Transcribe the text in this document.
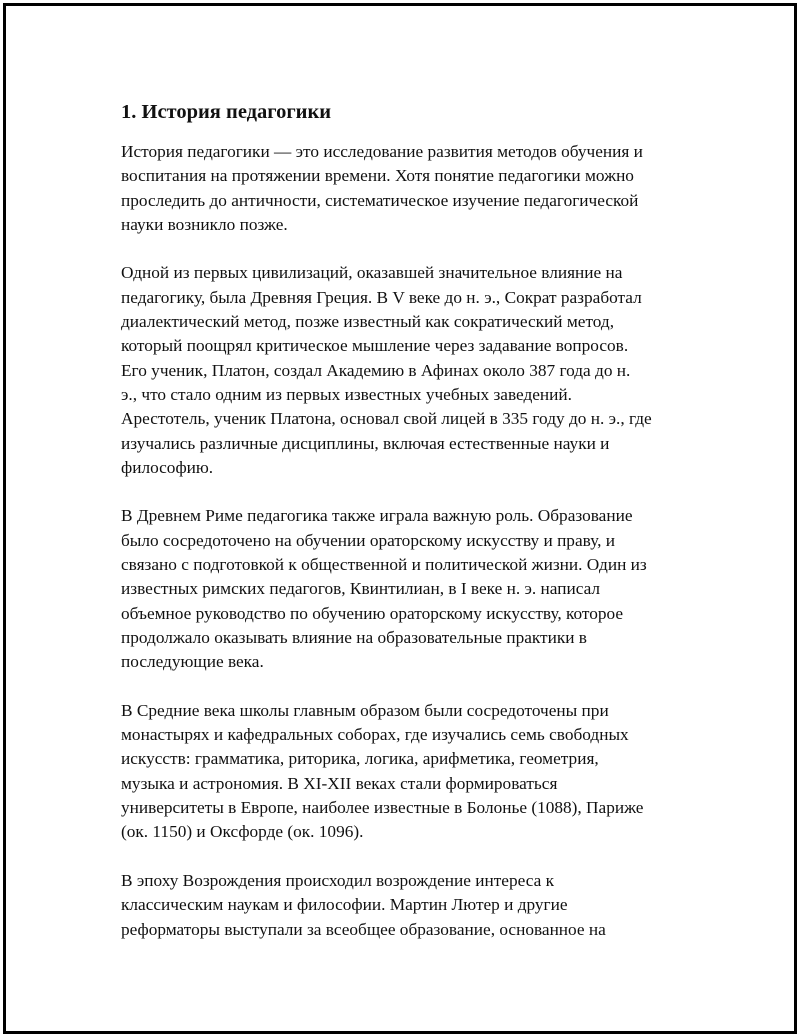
1. История педагогики

История педагогики — это исследование развития методов обучения и
воспитания на протяжении времени. Хотя понятие педагогики можно
проследить до античности, систематическое изучение педагогической
науки возникло позже.

Одной из первых цивилизаций, оказавшей значительное влияние на
педагогику, была Древняя Греция. В V веке до н. э., Сократ разработал
диалектический метод, позже известный как сократический метод,
который поощрял критическое мышление через задавание вопросов.
Его ученик, Платон, создал Академию в Афинах около 387 года до н.
э., что стало одним из первых известных учебных заведений.
Арестотель, ученик Платона, основал свой лицей в 335 году до н. э., где
изучались различные дисциплины, включая естественные науки и
философию.

В Древнем Риме педагогика также играла важную роль. Образование
было сосредоточено на обучении ораторскому искусству и праву, и
связано с подготовкой к общественной и политической жизни. Один из
известных римских педагогов, Квинтилиан, в I веке н. э. написал
объемное руководство по обучению ораторскому искусству, которое
продолжало оказывать влияние на образовательные практики в
последующие века.

В Средние века школы главным образом были сосредоточены при
монастырях и кафедральных соборах, где изучались семь свободных
искусств: грамматика, риторика, логика, арифметика, геометрия,
музыка и астрономия. В XI-XII веках стали формироваться
университеты в Европе, наиболее известные в Болонье (1088), Париже
(ок. 1150) и Оксфорде (ок. 1096).

В эпоху Возрождения происходил возрождение интереса к
классическим наукам и философии. Мартин Лютер и другие
реформаторы выступали за всеобщее образование, основанное на
